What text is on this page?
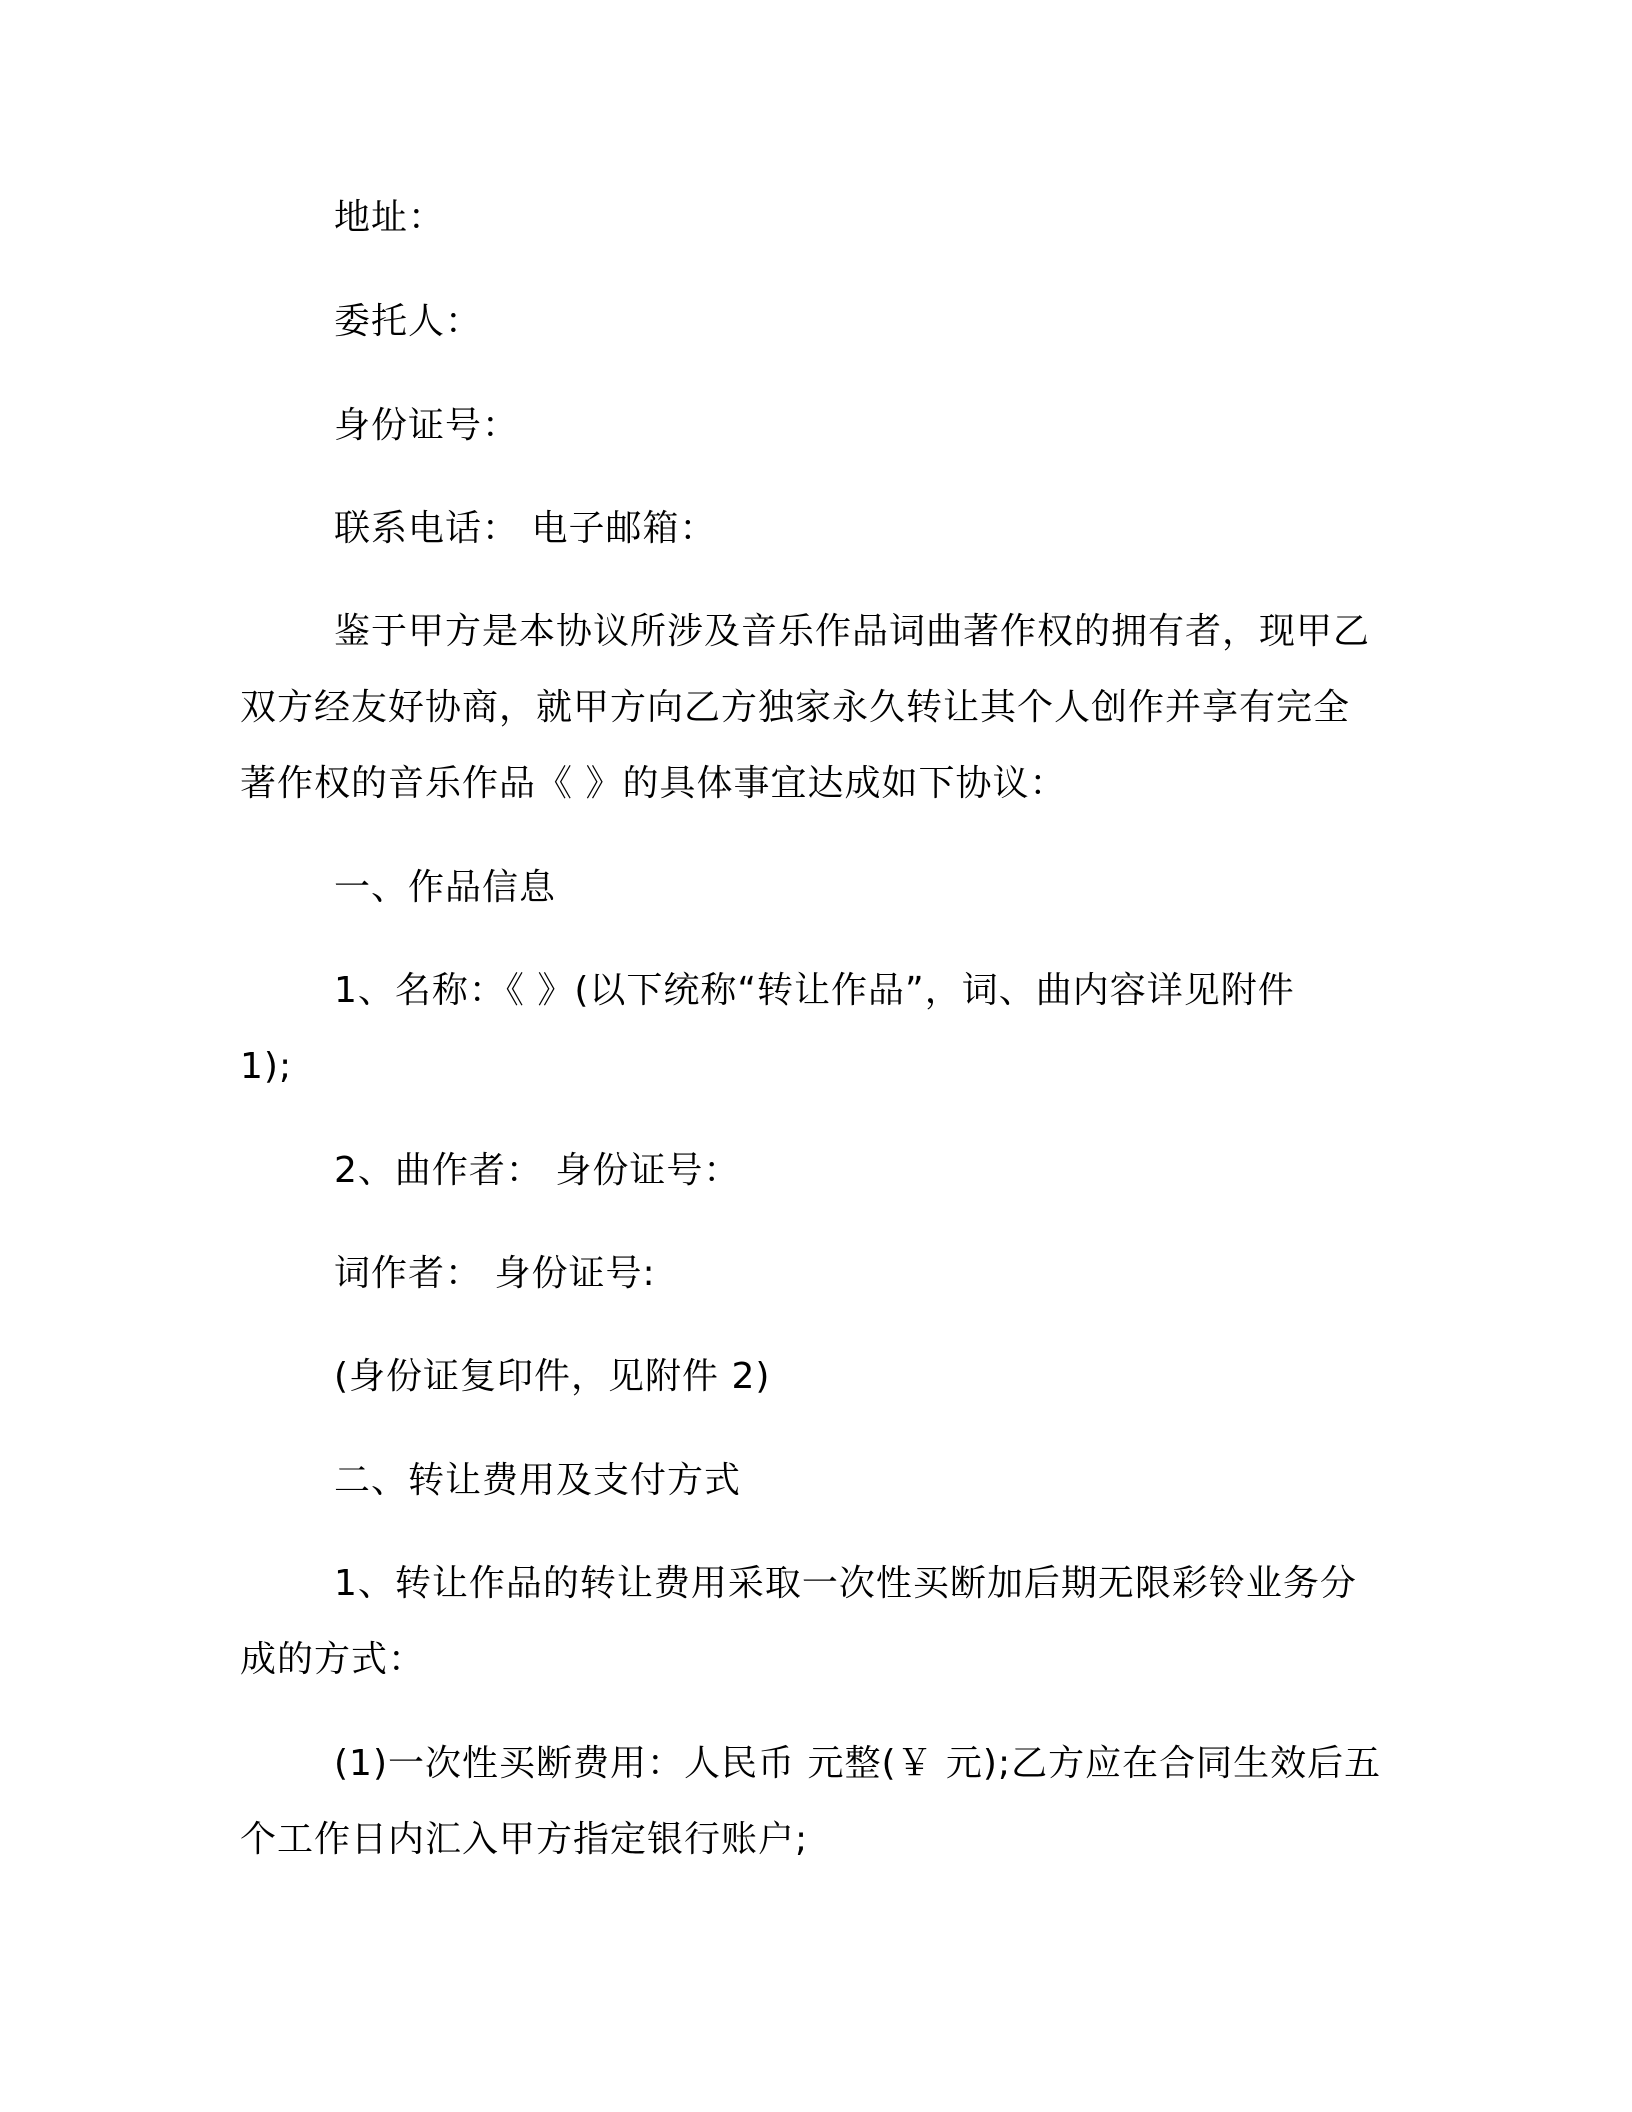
地址：

委托人：

身份证号：

联系电话： 电子邮箱：

鉴于甲方是本协议所涉及音乐作品词曲著作权的拥有者，现甲乙

双方经友好协商，就甲方向乙方独家永久转让其个人创作并享有完全

著作权的音乐作品《 》的具体事宜达成如下协议：

一、作品信息

1、名称：《 》(以下统称“转让作品”，词、曲内容详见附件

1);

2、曲作者： 身份证号：

词作者： 身份证号:

(身份证复印件，见附件 2)

二、转让费用及支付方式

1、转让作品的转让费用采取一次性买断加后期无限彩铃业务分

成的方式：

(1)一次性买断费用：人民币 元整(￥ 元);乙方应在合同生效后五

个工作日内汇入甲方指定银行账户;
